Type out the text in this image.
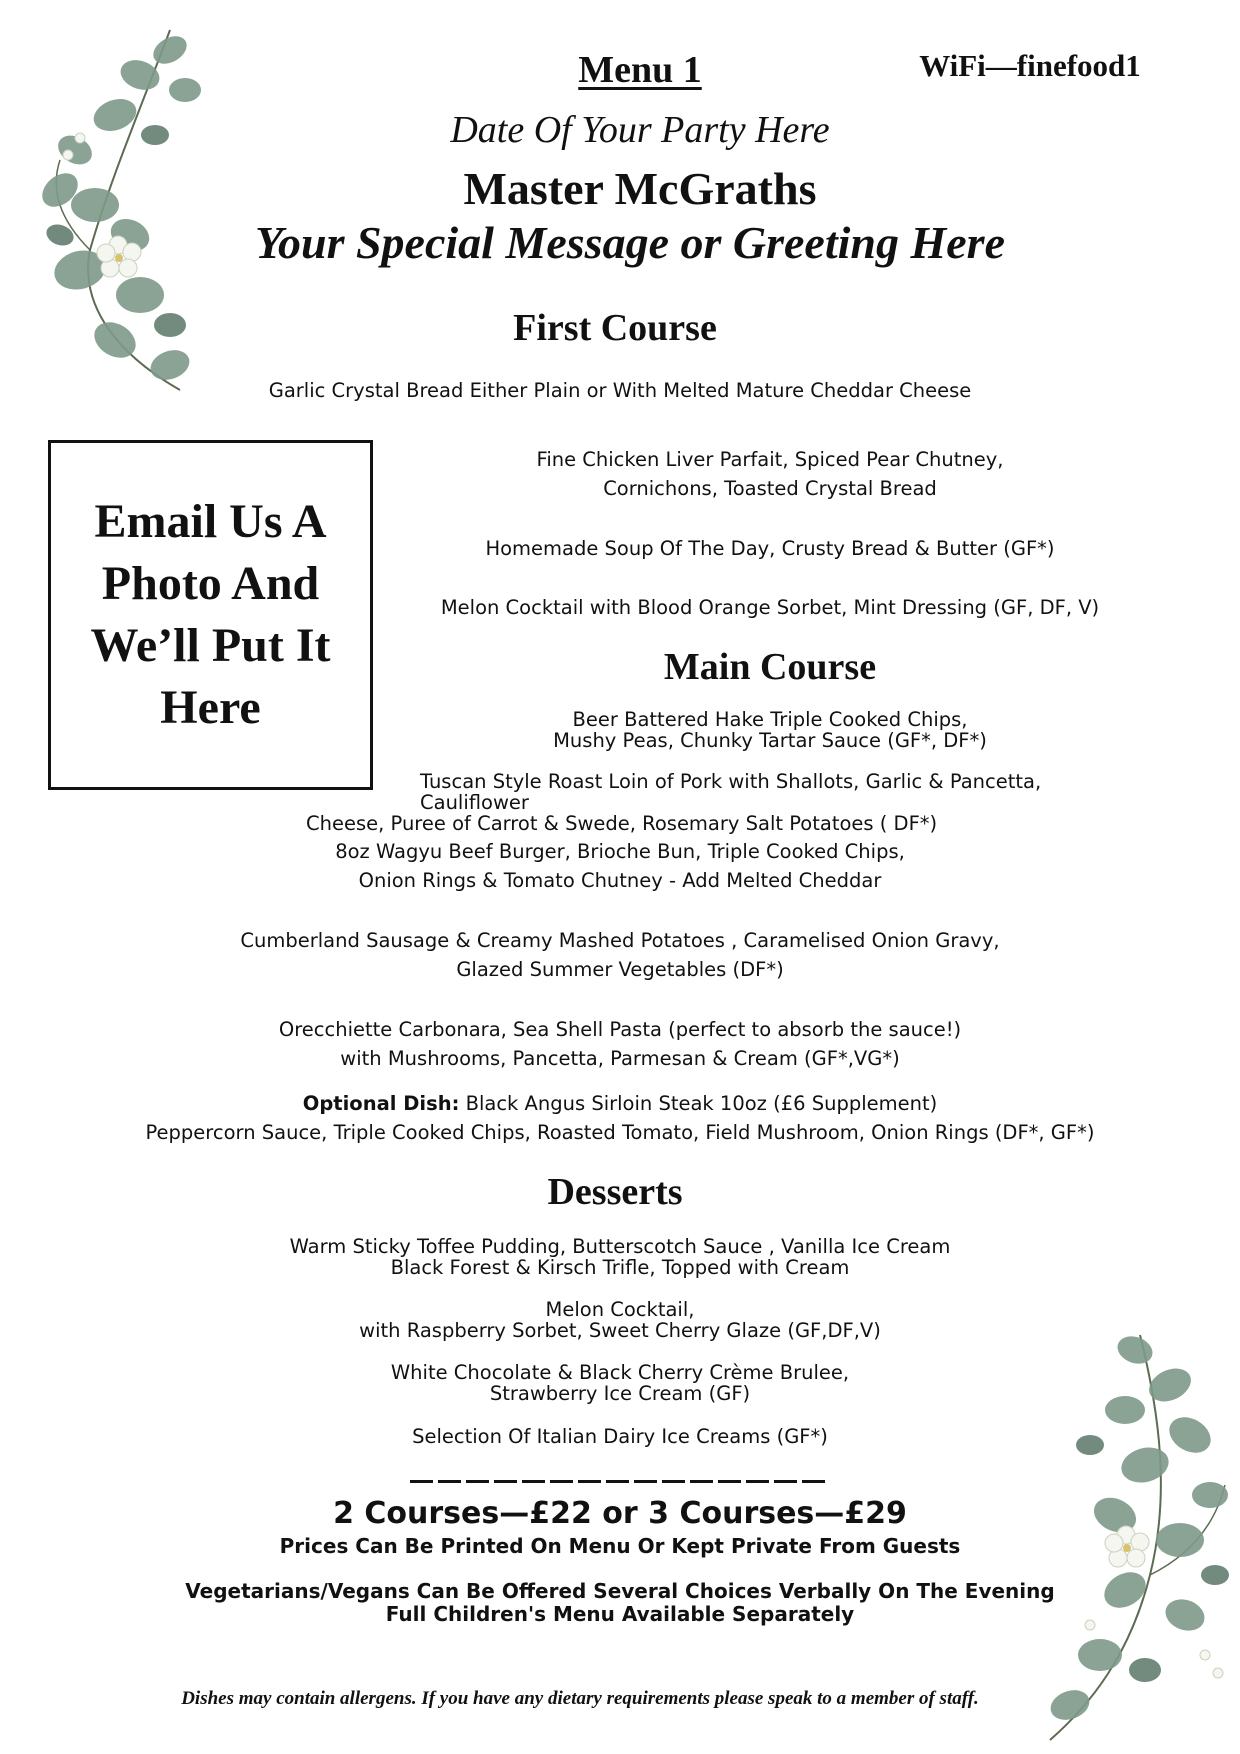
Menu 1	WiFi—finefood1
Date Of Your Party Here
Master McGraths
Your Special Message or Greeting Here
First Course
Garlic Crystal Bread Either Plain or With Melted Mature Cheddar Cheese
Fine Chicken Liver Parfait, Spiced Pear Chutney,
Cornichons, Toasted Crystal Bread
Homemade Soup Of The Day, Crusty Bread & Butter (GF*)
Melon Cocktail with Blood Orange Sorbet, Mint Dressing (GF, DF, V)
Email Us A Photo And We’ll Put It Here
Main Course
Beer Battered Hake Triple Cooked Chips,
Mushy Peas, Chunky Tartar Sauce (GF*, DF*)
Tuscan Style Roast Loin of Pork with Shallots, Garlic & Pancetta, Cauliflower
Cheese, Puree of Carrot & Swede, Rosemary Salt Potatoes ( DF*)
8oz Wagyu Beef Burger, Brioche Bun, Triple Cooked Chips,
Onion Rings & Tomato Chutney - Add Melted Cheddar
Cumberland Sausage & Creamy Mashed Potatoes , Caramelised Onion Gravy,
Glazed Summer Vegetables (DF*)
Orecchiette Carbonara, Sea Shell Pasta (perfect to absorb the sauce!)
with Mushrooms, Pancetta, Parmesan & Cream (GF*,VG*)
Optional Dish: Black Angus Sirloin Steak 10oz (£6 Supplement)
Peppercorn Sauce, Triple Cooked Chips, Roasted Tomato, Field Mushroom, Onion Rings (DF*, GF*)
Desserts
Warm Sticky Toffee Pudding, Butterscotch Sauce , Vanilla Ice Cream
Black Forest & Kirsch Trifle, Topped with Cream
Melon Cocktail,
with Raspberry Sorbet, Sweet Cherry Glaze (GF,DF,V)
White Chocolate & Black Cherry Crème Brulee,
Strawberry Ice Cream (GF)
Selection Of Italian Dairy Ice Creams (GF*)
2 Courses—£22 or 3 Courses—£29
Prices Can Be Printed On Menu Or Kept Private From Guests
Vegetarians/Vegans Can Be Offered Several Choices Verbally On The Evening
Full Children's Menu Available Separately
Dishes may contain allergens. If you have any dietary requirements please speak to a member of staff.
